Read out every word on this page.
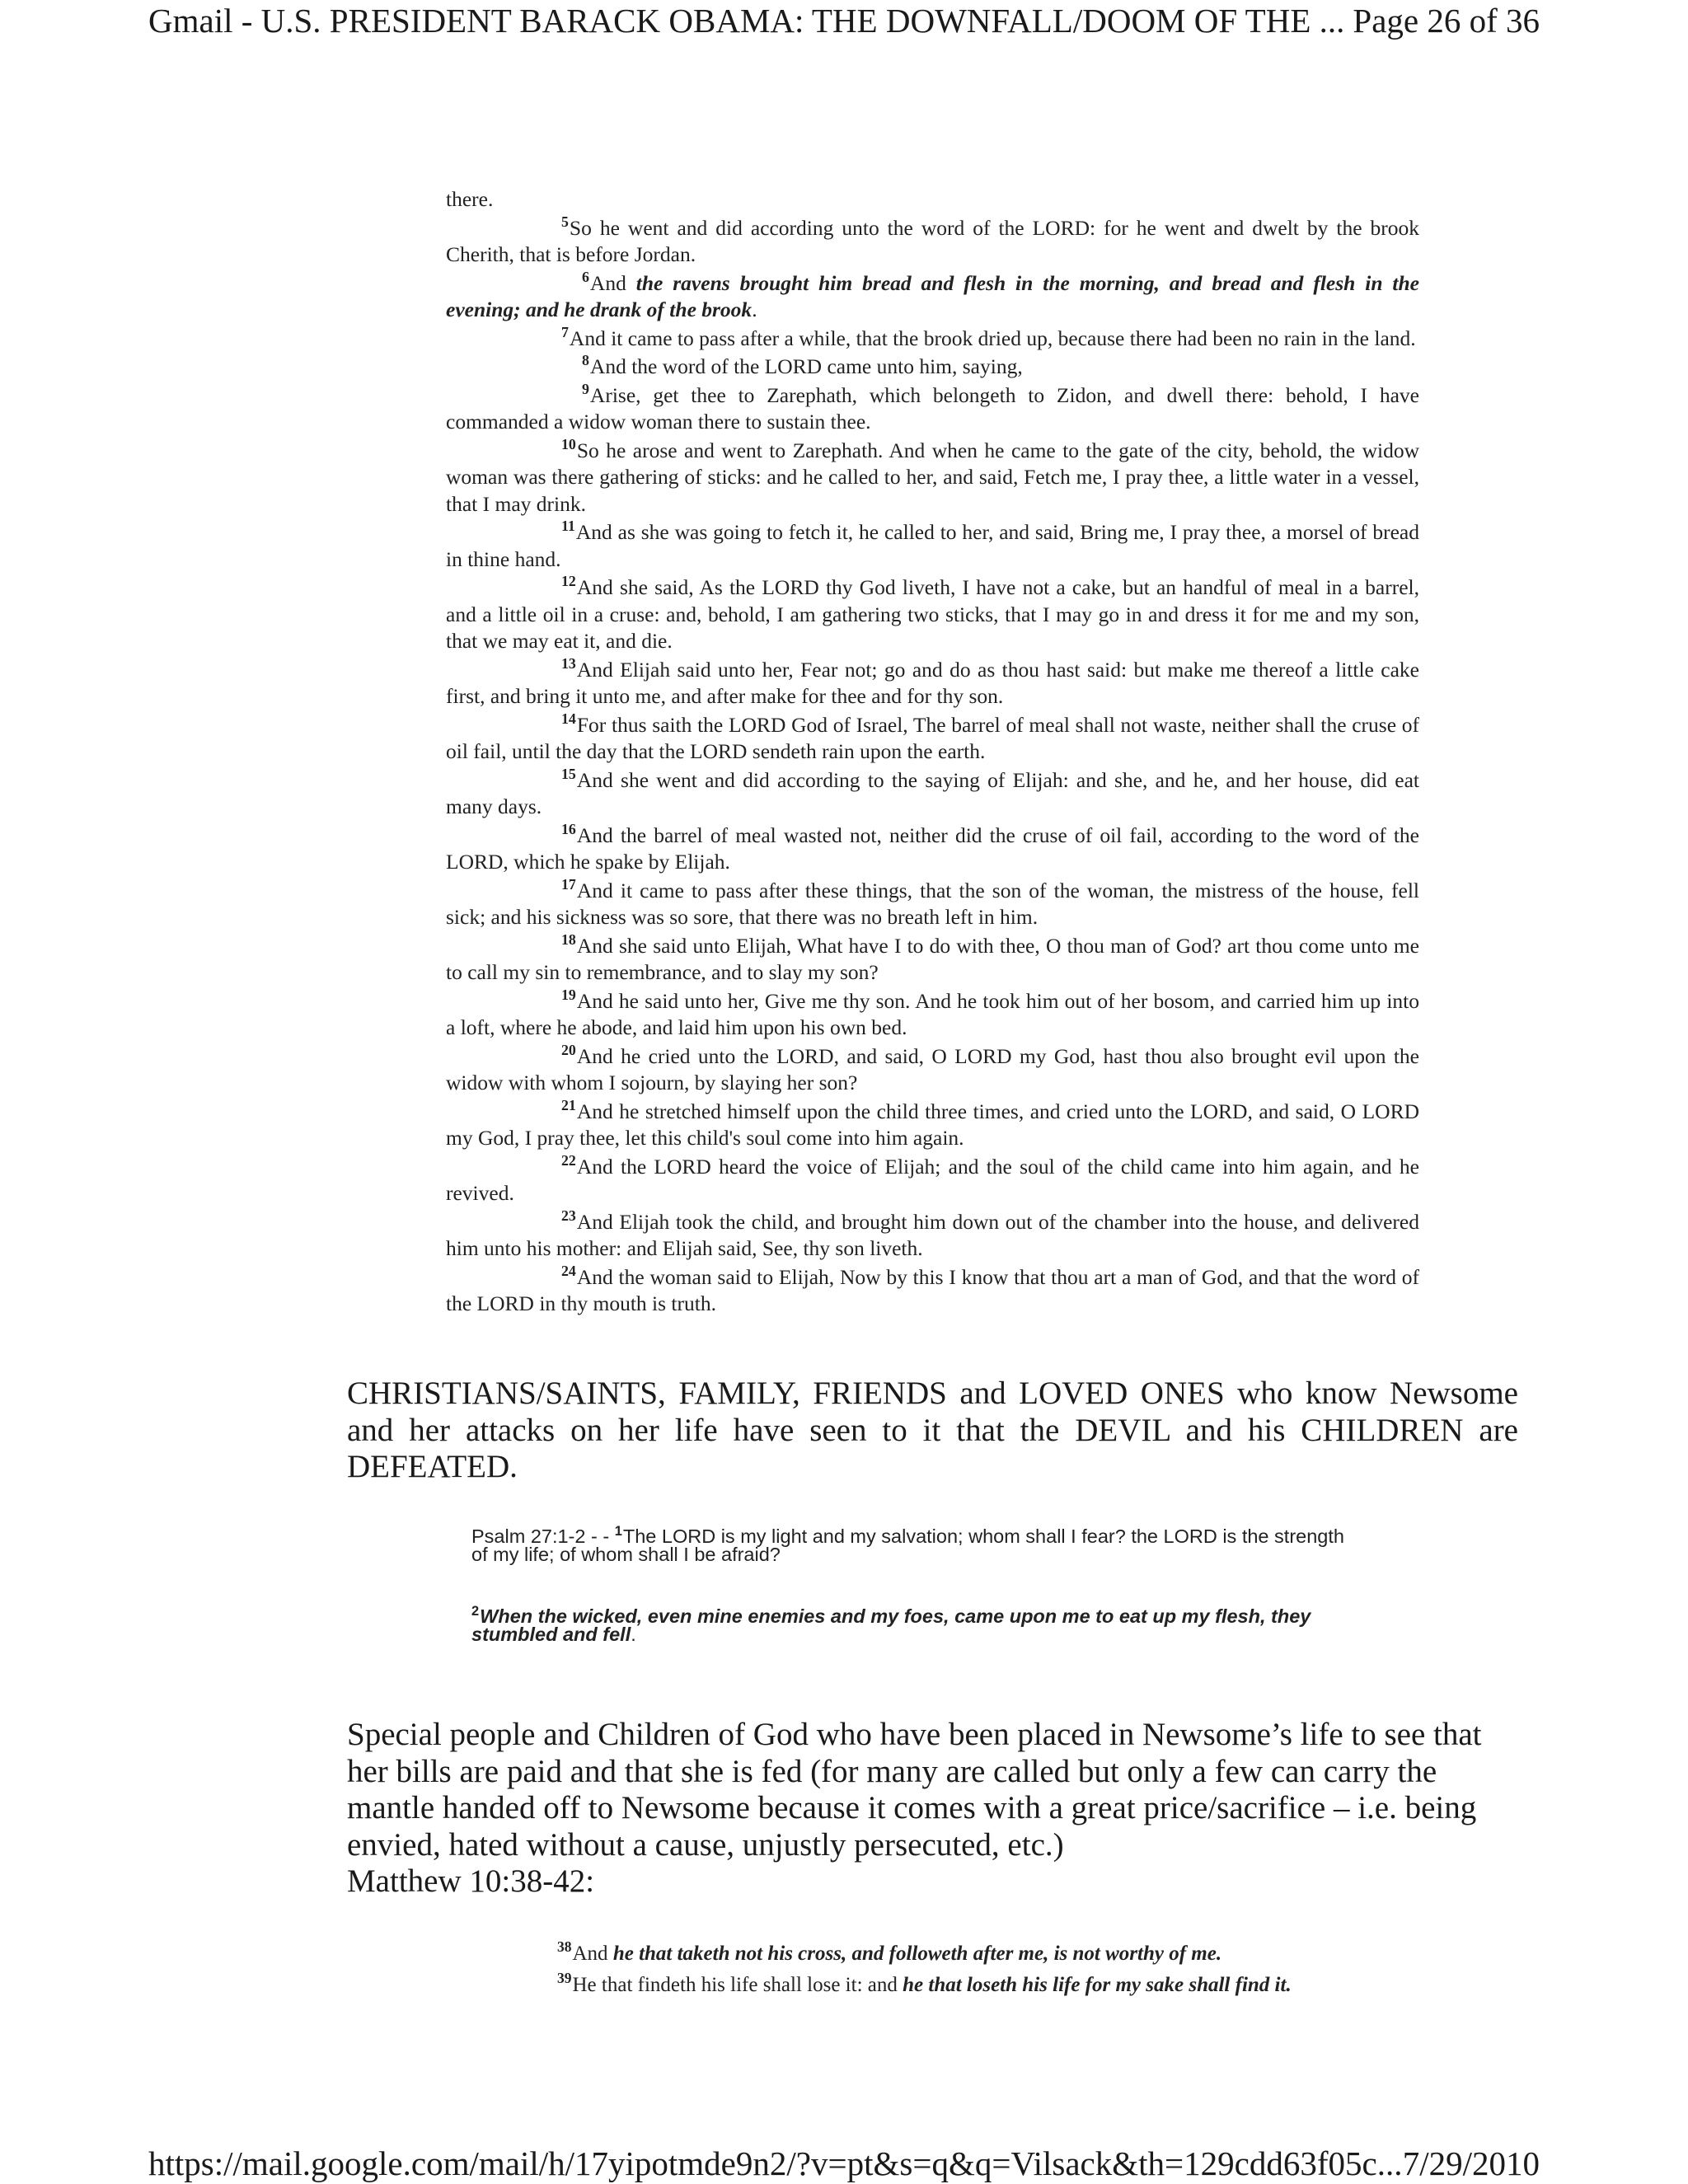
Gmail - U.S. PRESIDENT BARACK OBAMA: THE DOWNFALL/DOOM OF THE ... Page 26 of 36
https://mail.google.com/mail/h/17yipotmde9n2/?v=pt&s=q&q=Vilsack&th=129cdd63f05c... 7/29/2010

there.

$^5$So he went and did according unto the word of the LORD: for he went and dwelt by the brook Cherith, that is before Jordan.

$^6$And the ravens brought him bread and flesh in the morning, and bread and flesh in the evening; and he drank of the brook.

$^7$And it came to pass after a while, that the brook dried up, because there had been no rain in the land.

$^8$And the word of the LORD came unto him, saying,

$^9$Arise, get thee to Zarephath, which belongeth to Zidon, and dwell there: behold, I have commanded a widow woman there to sustain thee.

$^{10}$So he arose and went to Zarephath. And when he came to the gate of the city, behold, the widow woman was there gathering of sticks: and he called to her, and said, Fetch me, I pray thee, a little water in a vessel, that I may drink.

$^{11}$And as she was going to fetch it, he called to her, and said, Bring me, I pray thee, a morsel of bread in thine hand.

$^{12}$And she said, As the LORD thy God liveth, I have not a cake, but an handful of meal in a barrel, and a little oil in a cruse: and, behold, I am gathering two sticks, that I may go in and dress it for me and my son, that we may eat it, and die.

$^{13}$And Elijah said unto her, Fear not; go and do as thou hast said: but make me thereof a little cake first, and bring it unto me, and after make for thee and for thy son.

$^{14}$For thus saith the LORD God of Israel, The barrel of meal shall not waste, neither shall the cruse of oil fail, until the day that the LORD sendeth rain upon the earth.

$^{15}$And she went and did according to the saying of Elijah: and she, and he, and her house, did eat many days.

$^{16}$And the barrel of meal wasted not, neither did the cruse of oil fail, according to the word of the LORD, which he spake by Elijah.

$^{17}$And it came to pass after these things, that the son of the woman, the mistress of the house, fell sick; and his sickness was so sore, that there was no breath left in him.

$^{18}$And she said unto Elijah, What have I to do with thee, O thou man of God? art thou come unto me to call my sin to remembrance, and to slay my son?

$^{19}$And he said unto her, Give me thy son. And he took him out of her bosom, and carried him up into a loft, where he abode, and laid him upon his own bed.

$^{20}$And he cried unto the LORD, and said, O LORD my God, hast thou also brought evil upon the widow with whom I sojourn, by slaying her son?

$^{21}$And he stretched himself upon the child three times, and cried unto the LORD, and said, O LORD my God, I pray thee, let this child's soul come into him again.

$^{22}$And the LORD heard the voice of Elijah; and the soul of the child came into him again, and he revived.

$^{23}$And Elijah took the child, and brought him down out of the chamber into the house, and delivered him unto his mother: and Elijah said, See, thy son liveth.

$^{24}$And the woman said to Elijah, Now by this I know that thou art a man of God, and that the word of the LORD in thy mouth is truth.

CHRISTIANS/SAINTS, FAMILY, FRIENDS and LOVED ONES who know Newsome and her attacks on her life have seen to it that the DEVIL and his CHILDREN are DEFEATED.
Psalm 27:1-2 - - $^1$The LORD is my light and my salvation; whom shall I fear? the LORD is the strength of my life; of whom shall I be afraid?
$^2$When the wicked, even mine enemies and my foes, came upon me to eat up my flesh, they stumbled and fell.
Special people and Children of God who have been placed in Newsome’s life to see that her bills are paid and that she is fed (for many are called but only a few can carry the mantle handed off to Newsome because it comes with a great price/sacrifice – i.e. being envied, hated without a cause, unjustly persecuted, etc.)
Matthew 10:38-42:

$^{38}$And he that taketh not his cross, and followeth after me, is not worthy of me.

$^{39}$He that findeth his life shall lose it: and he that loseth his life for my sake shall find it.
